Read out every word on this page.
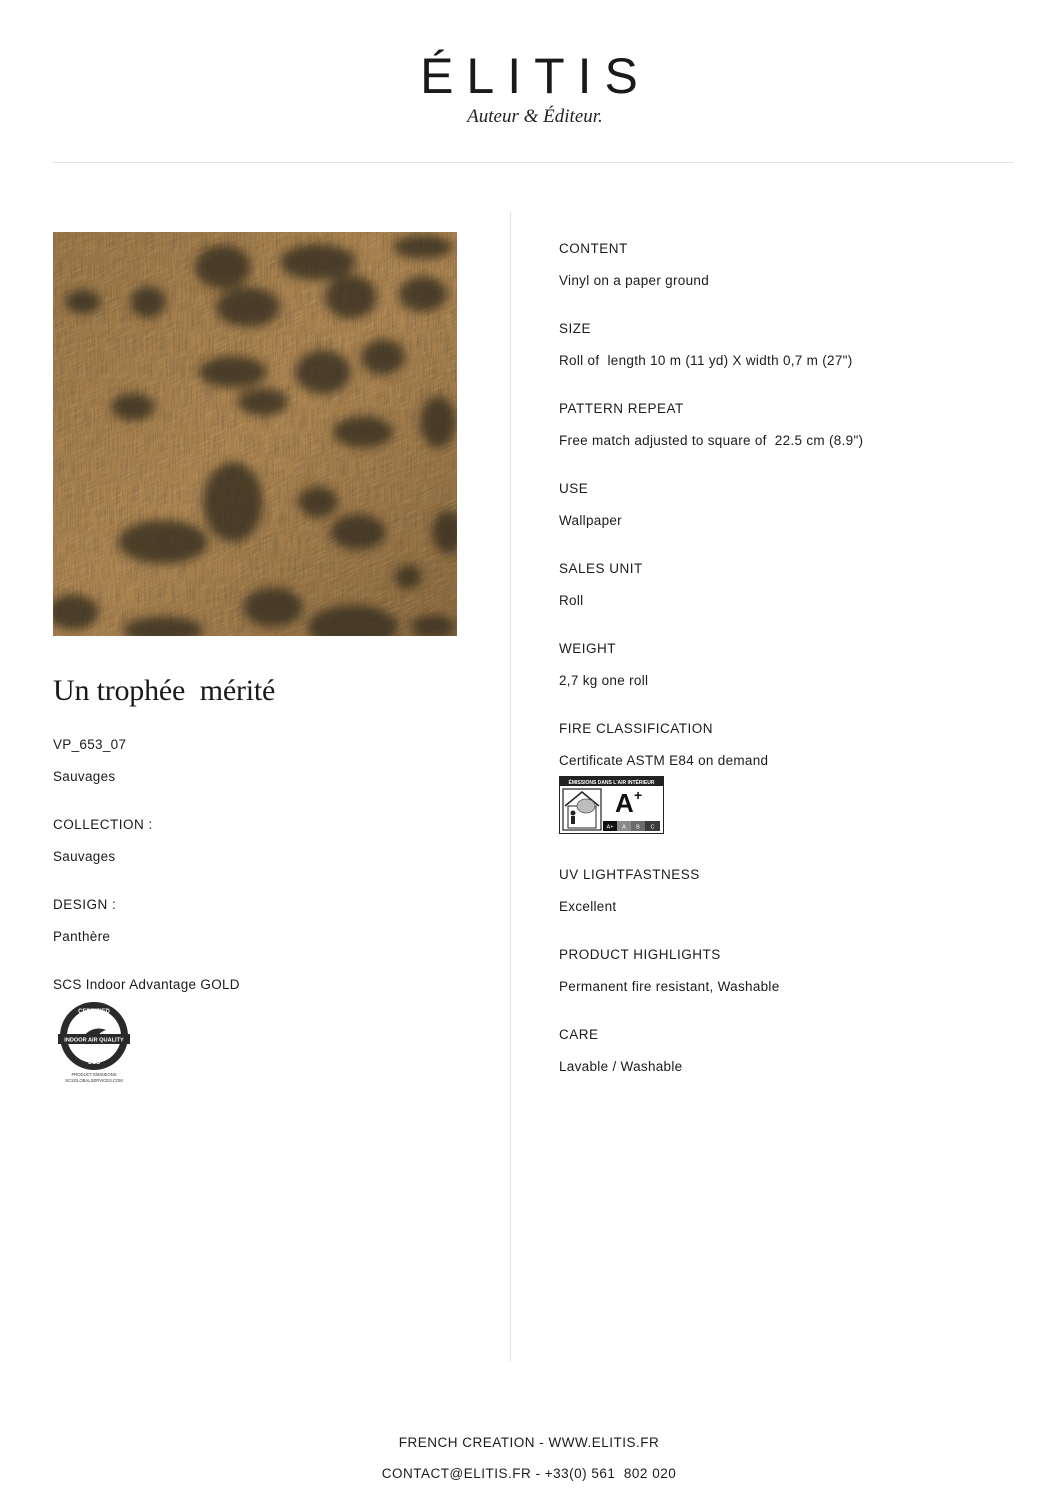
ÉLITIS
Auteur & Éditeur.
Un trophée  mérité
VP_653_07
Sauvages
COLLECTION :
Sauvages
DESIGN :
Panthère
SCS Indoor Advantage GOLD
INDOOR AIR QUALITY
CERTIFIED
SCS
PRODUCT EMISSIONS
SCSGLOBALSERVICES.COM
CONTENT
Vinyl on a paper ground
SIZE
Roll of  length 10 m (11 yd) X width 0,7 m (27")
PATTERN REPEAT
Free match adjusted to square of  22.5 cm (8.9")
USE
Wallpaper
SALES UNIT
Roll
WEIGHT
2,7 kg one roll
FIRE CLASSIFICATION
Certificate ASTM E84 on demand
ÉMISSIONS DANS L'AIR INTÉRIEUR
A +
A+ A B C
UV LIGHTFASTNESS
Excellent
PRODUCT HIGHLIGHTS
Permanent fire resistant, Washable
CARE
Lavable / Washable
FRENCH CREATION - WWW.ELITIS.FR
CONTACT@ELITIS.FR - +33(0) 561  802 020
